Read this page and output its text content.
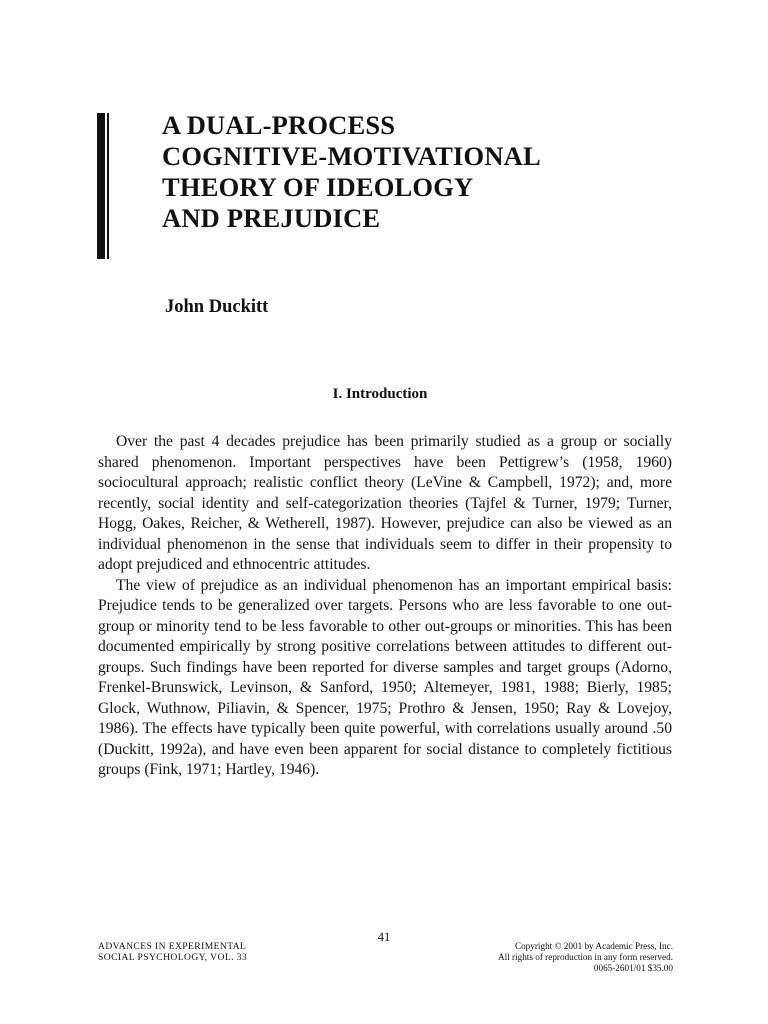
A DUAL-PROCESS
COGNITIVE-MOTIVATIONAL
THEORY OF IDEOLOGY
AND PREJUDICE
John Duckitt
I. Introduction

Over the past 4 decades prejudice has been primarily studied as a group or socially shared phenomenon. Important perspectives have been Pettigrew’s (1958, 1960) sociocultural approach; realistic conflict theory (LeVine & Campbell, 1972); and, more recently, social identity and self-categorization theories (Tajfel & Turner, 1979; Turner, Hogg, Oakes, Reicher, & Wetherell, 1987). However, prejudice can also be viewed as an individual phenomenon in the sense that individuals seem to differ in their propensity to adopt prejudiced and ethnocentric attitudes.

The view of prejudice as an individual phenomenon has an important empirical basis: Prejudice tends to be generalized over targets. Persons who are less favorable to one out-group or minority tend to be less favorable to other out-groups or minorities. This has been documented empirically by strong positive correlations between attitudes to different out-groups. Such findings have been reported for diverse samples and target groups (Adorno, Frenkel-Brunswick, Levinson, & Sanford, 1950; Altemeyer, 1981, 1988; Bierly, 1985; Glock, Wuthnow, Piliavin, & Spencer, 1975; Prothro & Jensen, 1950; Ray & Lovejoy, 1986). The effects have typically been quite powerful, with correlations usually around .50 (Duckitt, 1992a), and have even been apparent for social distance to completely fictitious groups (Fink, 1971; Hartley, 1946).

41
ADVANCES IN EXPERIMENTAL
SOCIAL PSYCHOLOGY, VOL. 33
Copyright © 2001 by Academic Press, Inc.
All rights of reproduction in any form reserved.
0065-2601/01 $35.00
